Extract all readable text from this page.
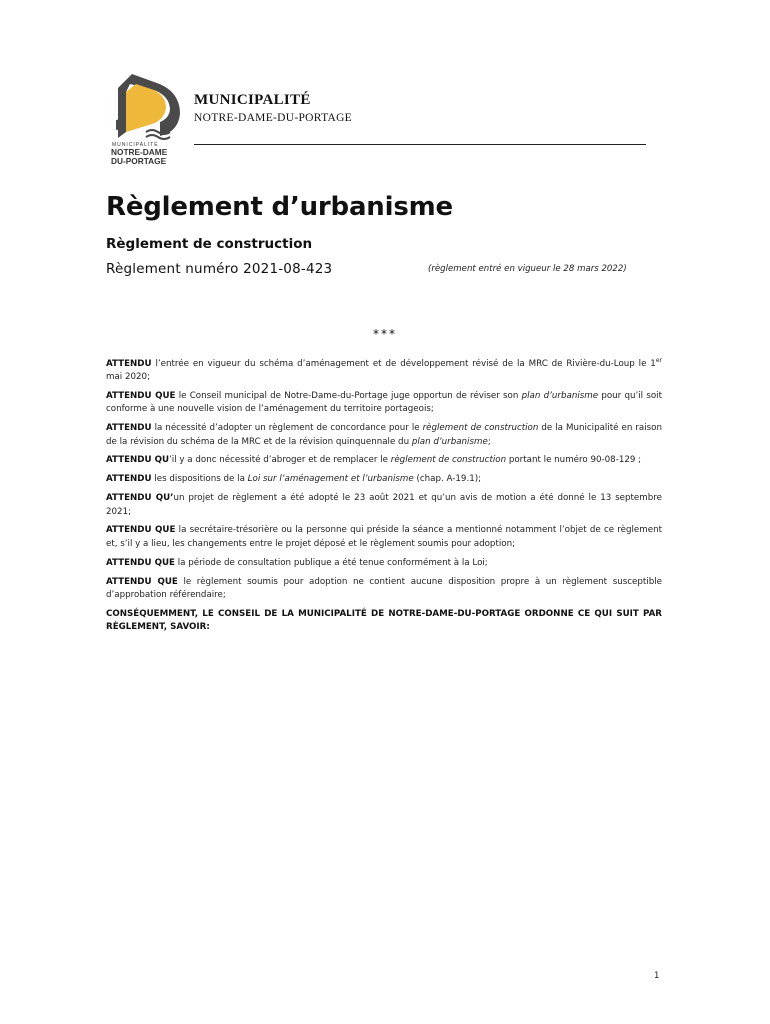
MUNICIPALITÉ
NOTRE-DAME
DU-PORTAGE
MUNICIPALITÉ
NOTRE-DAME-DU-PORTAGE
Règlement d’urbanisme
Règlement de construction
Règlement numéro 2021-08-423	(règlement entré en vigueur le 28 mars 2022)
***

ATTENDU l’entrée en vigueur du schéma d’aménagement et de développement révisé de la MRC de Rivière-du-Loup le 1er mai 2020;

ATTENDU QUE le Conseil municipal de Notre-Dame-du-Portage juge opportun de réviser son plan d’urbanisme pour qu’il soit conforme à une nouvelle vision de l’aménagement du territoire portageois;

ATTENDU la nécessité d’adopter un règlement de concordance pour le règlement de construction de la Municipalité en raison de la révision du schéma de la MRC et de la révision quinquennale du plan d’urbanisme;

ATTENDU QU’il y a donc nécessité d’abroger et de remplacer le règlement de construction portant le numéro 90-08-129 ;

ATTENDU les dispositions de la Loi sur l’aménagement et l’urbanisme (chap. A-19.1);

ATTENDU QU’un projet de règlement a été adopté le 23 août 2021 et qu’un avis de motion a été donné le 13 septembre 2021;

ATTENDU QUE la secrétaire-trésorière ou la personne qui préside la séance a mentionné notamment l’objet de ce règlement et, s’il y a lieu, les changements entre le projet déposé et le règlement soumis pour adoption;

ATTENDU QUE la période de consultation publique a été tenue conformément à la Loi;

ATTENDU QUE le règlement soumis pour adoption ne contient aucune disposition propre à un règlement susceptible d’approbation référendaire;

CONSÉQUEMMENT, LE CONSEIL DE LA MUNICIPALITÉ DE NOTRE-DAME-DU-PORTAGE ORDONNE CE QUI SUIT PAR RÈGLEMENT, SAVOIR:

1
